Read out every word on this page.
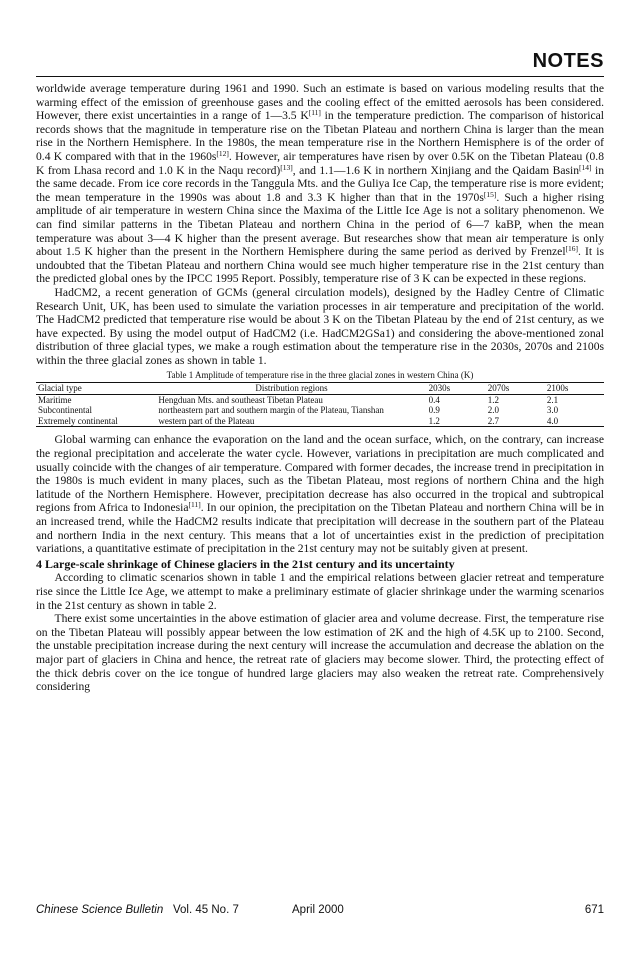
NOTES

worldwide average temperature during 1961 and 1990. Such an estimate is based on various modeling results that the warming effect of the emission of greenhouse gases and the cooling effect of the emitted aerosols has been considered. However, there exist uncertainties in a range of 1—3.5 K[11] in the temperature prediction. The comparison of historical records shows that the magnitude in temperature rise on the Tibetan Plateau and northern China is larger than the mean rise in the Northern Hemisphere. In the 1980s, the mean temperature rise in the Northern Hemisphere is of the order of 0.4 K compared with that in the 1960s[12]. However, air temperatures have risen by over 0.5K on the Tibetan Plateau (0.8 K from Lhasa record and 1.0 K in the Naqu record)[13], and 1.1—1.6 K in northern Xinjiang and the Qaidam Basin[14] in the same decade. From ice core records in the Tanggula Mts. and the Guliya Ice Cap, the temperature rise is more evident; the mean temperature in the 1990s was about 1.8 and 3.3 K higher than that in the 1970s[15]. Such a higher rising amplitude of air temperature in western China since the Maxima of the Little Ice Age is not a solitary phenomenon. We can find similar patterns in the Tibetan Plateau and northern China in the period of 6—7 kaBP, when the mean temperature was about 3—4 K higher than the present average. But researches show that mean air temperature is only about 1.5 K higher than the present in the Northern Hemisphere during the same period as derived by Frenzel[16]. It is undoubted that the Tibetan Plateau and northern China would see much higher temperature rise in the 21st century than the predicted global ones by the IPCC 1995 Report. Possibly, temperature rise of 3 K can be expected in these regions.

HadCM2, a recent generation of GCMs (general circulation models), designed by the Hadley Centre of Climatic Research Unit, UK, has been used to simulate the variation processes in air temperature and precipitation of the world. The HadCM2 predicted that temperature rise would be about 3 K on the Tibetan Plateau by the end of 21st century, as we have expected. By using the model output of HadCM2 (i.e. HadCM2GSa1) and considering the above-mentioned zonal distribution of three glacial types, we make a rough estimation about the temperature rise in the 2030s, 2070s and 2100s within the three glacial zones as shown in table 1.

Table 1 Amplitude of temperature rise in the three glacial zones in western China (K)
Glacial type	Distribution regions	2030s	2070s	2100s
Maritime	Hengduan Mts. and southeast Tibetan Plateau	0.4	1.2	2.1
Subcontinental	northeastern part and southern margin of the Plateau, Tianshan	0.9	2.0	3.0
Extremely continental	western part of the Plateau	1.2	2.7	4.0

Global warming can enhance the evaporation on the land and the ocean surface, which, on the contrary, can increase the regional precipitation and accelerate the water cycle. However, variations in precipitation are much complicated and usually coincide with the changes of air temperature. Compared with former decades, the increase trend in precipitation in the 1980s is much evident in many places, such as the Tibetan Plateau, most regions of northern China and the high latitude of the Northern Hemisphere. However, precipitation decrease has also occurred in the tropical and subtropical regions from Africa to Indonesia[11]. In our opinion, the precipitation on the Tibetan Plateau and northern China will be in an increased trend, while the HadCM2 results indicate that precipitation will decrease in the southern part of the Plateau and northern India in the next century. This means that a lot of uncertainties exist in the prediction of precipitation variations, a quantitative estimate of precipitation in the 21st century may not be suitably given at present.

4 Large-scale shrinkage of Chinese glaciers in the 21st century and its uncertainty

According to climatic scenarios shown in table 1 and the empirical relations between glacier retreat and temperature rise since the Little Ice Age, we attempt to make a preliminary estimate of glacier shrinkage under the warming scenarios in the 21st century as shown in table 2.

There exist some uncertainties in the above estimation of glacier area and volume decrease. First, the temperature rise on the Tibetan Plateau will possibly appear between the low estimation of 2K and the high of 4.5K up to 2100. Second, the unstable precipitation increase during the next century will increase the accumulation and decrease the ablation on the major part of glaciers in China and hence, the retreat rate of glaciers may become slower. Third, the protecting effect of the thick debris cover on the ice tongue of hundred large glaciers may also weaken the retreat rate. Comprehensively considering

Chinese Science Bulletin Vol. 45 No. 7	April 2000	671
